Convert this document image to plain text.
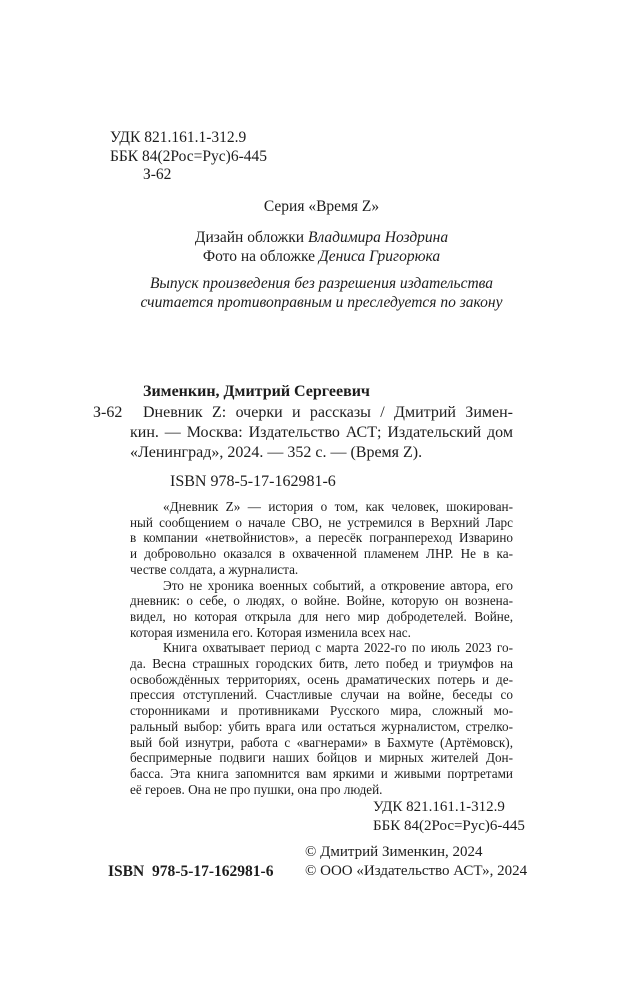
УДК 821.161.1-312.9
ББК 84(2Рос=Рус)6-445
З-62
Серия «Время Z»
Дизайн обложки Владимира Ноздрина
Фото на обложке Дениса Григорюка
Выпуск произведения без разрешения издательства
считается противоправным и преследуется по закону
Зименкин, Дмитрий Сергеевич
З-62	Dневник Z: очерки и рассказы / Дмитрий Зимен-
кин. — Москва: Издательство АСТ; Издательский дом
«Ленинград», 2024. — 352 с. — (Время Z).
ISBN 978-5-17-162981-6
«Дневник Z» — история о том, как человек, шокирован-
ный сообщением о начале СВО, не устремился в Верхний Ларс
в компании «нетвойнистов», а пересёк погранпереход Изварино
и добровольно оказался в охваченной пламенем ЛНР. Не в ка-
честве солдата, а журналиста.
Это не хроника военных событий, а откровение автора, его
дневник: о себе, о людях, о войне. Войне, которую он вознена-
видел, но которая открыла для него мир добродетелей. Войне,
которая изменила его. Которая изменила всех нас.
Книга охватывает период с марта 2022-го по июль 2023 го-
да. Весна страшных городских битв, лето побед и триумфов на
освобождённых территориях, осень драматических потерь и де-
прессия отступлений. Счастливые случаи на войне, беседы со
сторонниками и противниками Русского мира, сложный мо-
ральный выбор: убить врага или остаться журналистом, стрелко-
вый бой изнутри, работа с «вагнерами» в Бахмуте (Артёмовск),
беспримерные подвиги наших бойцов и мирных жителей Дон-
басса. Эта книга запомнится вам яркими и живыми портретами
её героев. Она не про пушки, она про людей.
УДК 821.161.1-312.9
ББК 84(2Рос=Рус)6-445
© Дмитрий Зименкин, 2024
© ООО «Издательство АСТ», 2024
ISBN 978-5-17-162981-6
